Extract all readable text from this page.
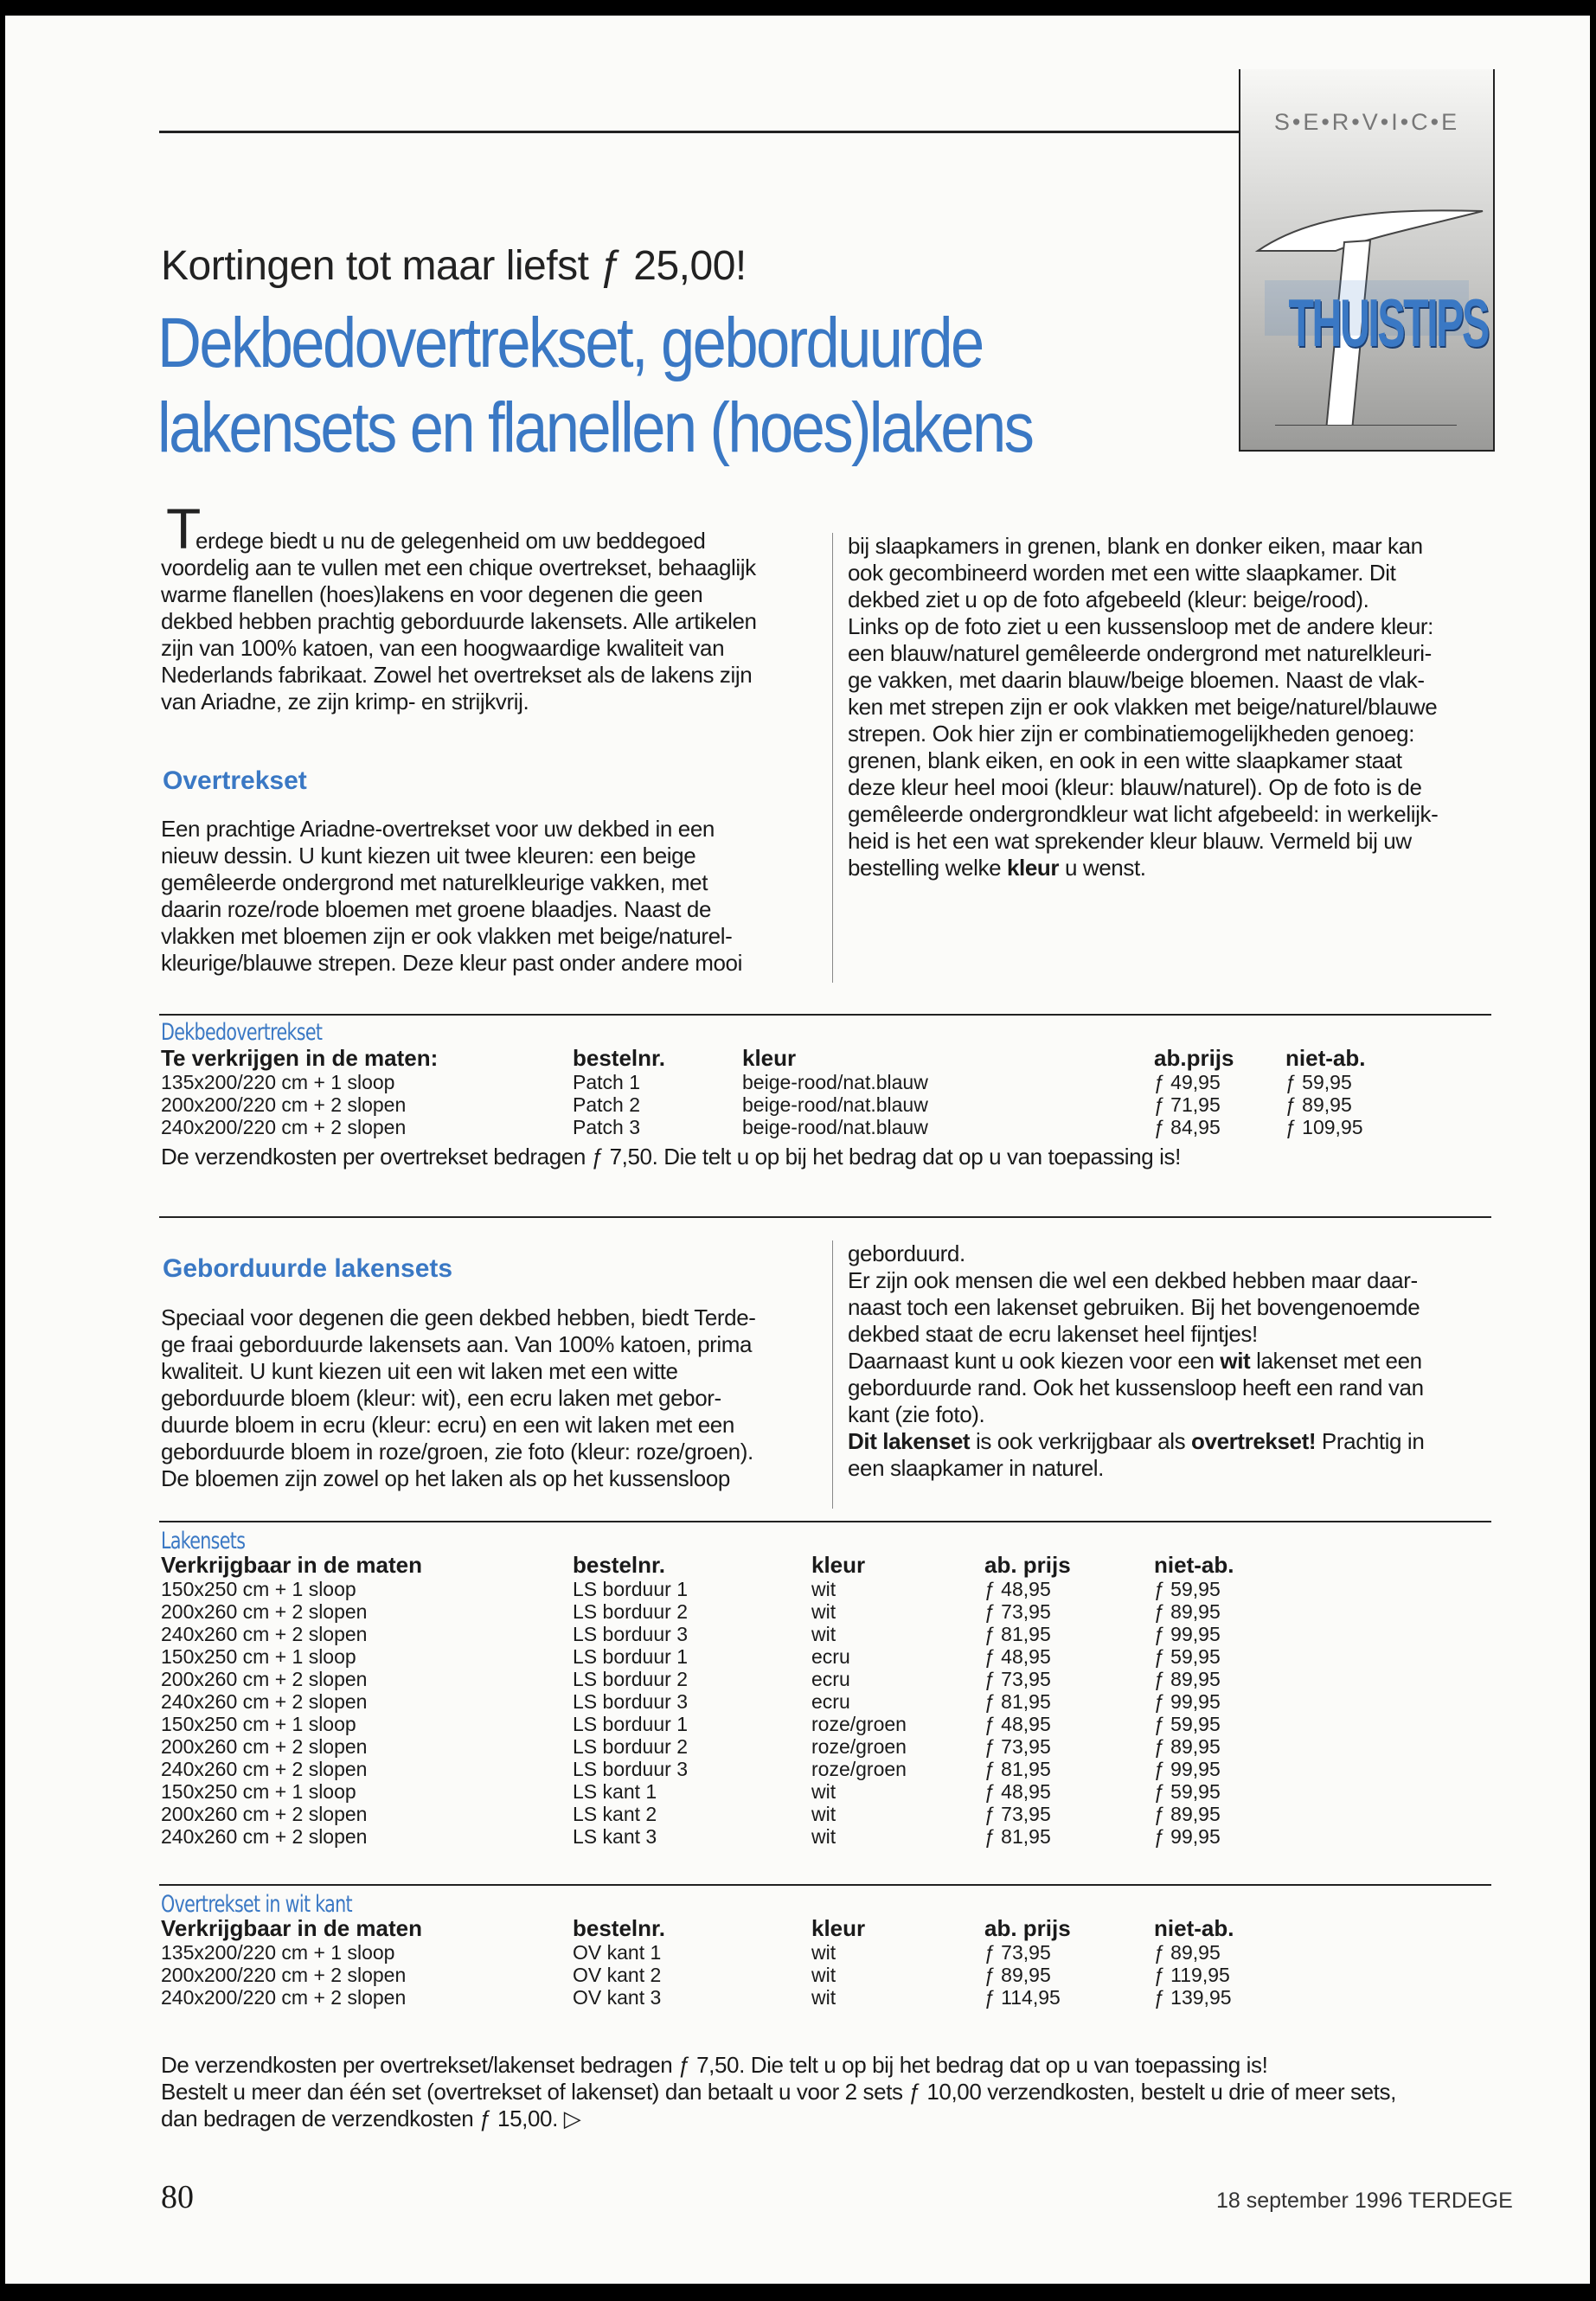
S•E•R•V•I•C•E
THUISTIPS
Kortingen tot maar liefst ƒ 25,00!
Dekbedovertrekset, geborduurde
lakensets en flanellen (hoes)lakens
T
erdege biedt u nu de gelegenheid om uw beddegoed
voordelig aan te vullen met een chique overtrekset, behaaglijk
warme flanellen (hoes)lakens en voor degenen die geen
dekbed hebben prachtig geborduurde lakensets. Alle artikelen
zijn van 100% katoen, van een hoogwaardige kwaliteit van
Nederlands fabrikaat. Zowel het overtrekset als de lakens zijn
van Ariadne, ze zijn krimp- en strijkvrij.
Overtrekset
Een prachtige Ariadne-overtrekset voor uw dekbed in een
nieuw dessin. U kunt kiezen uit twee kleuren: een beige
gemêleerde ondergrond met naturelkleurige vakken, met
daarin roze/rode bloemen met groene blaadjes. Naast de
vlakken met bloemen zijn er ook vlakken met beige/naturel-
kleurige/blauwe strepen. Deze kleur past onder andere mooi
bij slaapkamers in grenen, blank en donker eiken, maar kan
ook gecombineerd worden met een witte slaapkamer. Dit
dekbed ziet u op de foto afgebeeld (kleur: beige/rood).
Links op de foto ziet u een kussensloop met de andere kleur:
een blauw/naturel gemêleerde ondergrond met naturelkleuri-
ge vakken, met daarin blauw/beige bloemen. Naast de vlak-
ken met strepen zijn er ook vlakken met beige/naturel/blauwe
strepen. Ook hier zijn er combinatiemogelijkheden genoeg:
grenen, blank eiken, en ook in een witte slaapkamer staat
deze kleur heel mooi (kleur: blauw/naturel). Op de foto is de
gemêleerde ondergrondkleur wat licht afgebeeld: in werkelijk-
heid is het een wat sprekender kleur blauw. Vermeld bij uw
bestelling welke kleur u wenst.
Dekbedovertrekset
Te verkrijgen in de maten:	bestelnr.	kleur	ab.prijs niet-ab.
135x200/220 cm + 1 sloop	Patch 1	beige-rood/nat.blauw	ƒ 49,95	ƒ 59,95
200x200/220 cm + 2 slopen	Patch 2	beige-rood/nat.blauw	ƒ 71,95	ƒ 89,95
240x200/220 cm + 2 slopen	Patch 3	beige-rood/nat.blauw	ƒ 84,95	ƒ 109,95
De verzendkosten per overtrekset bedragen ƒ 7,50. Die telt u op bij het bedrag dat op u van toepassing is!
Geborduurde lakensets
Speciaal voor degenen die geen dekbed hebben, biedt Terde-
ge fraai geborduurde lakensets aan. Van 100% katoen, prima
kwaliteit. U kunt kiezen uit een wit laken met een witte
geborduurde bloem (kleur: wit), een ecru laken met gebor-
duurde bloem in ecru (kleur: ecru) en een wit laken met een
geborduurde bloem in roze/groen, zie foto (kleur: roze/groen).
De bloemen zijn zowel op het laken als op het kussensloop
geborduurd.
Er zijn ook mensen die wel een dekbed hebben maar daar-
naast toch een lakenset gebruiken. Bij het bovengenoemde
dekbed staat de ecru lakenset heel fijntjes!
Daarnaast kunt u ook kiezen voor een wit lakenset met een
geborduurde rand. Ook het kussensloop heeft een rand van
kant (zie foto).
Dit lakenset is ook verkrijgbaar als overtrekset! Prachtig in
een slaapkamer in naturel.
Lakensets
Verkrijgbaar in de maten	bestelnr.	kleur	ab. prijs	niet-ab.
150x250 cm + 1 sloop	LS borduur 1	wit	ƒ 48,95	ƒ 59,95
200x260 cm + 2 slopen	LS borduur 2	wit	ƒ 73,95	ƒ 89,95
240x260 cm + 2 slopen	LS borduur 3	wit	ƒ 81,95	ƒ 99,95
150x250 cm + 1 sloop	LS borduur 1	ecru	ƒ 48,95	ƒ 59,95
200x260 cm + 2 slopen	LS borduur 2	ecru	ƒ 73,95	ƒ 89,95
240x260 cm + 2 slopen	LS borduur 3	ecru	ƒ 81,95	ƒ 99,95
150x250 cm + 1 sloop	LS borduur 1	roze/groen	ƒ 48,95	ƒ 59,95
200x260 cm + 2 slopen	LS borduur 2	roze/groen	ƒ 73,95	ƒ 89,95
240x260 cm + 2 slopen	LS borduur 3	roze/groen	ƒ 81,95	ƒ 99,95
150x250 cm + 1 sloop	LS kant 1	wit	ƒ 48,95	ƒ 59,95
200x260 cm + 2 slopen	LS kant 2	wit	ƒ 73,95	ƒ 89,95
240x260 cm + 2 slopen	LS kant 3	wit	ƒ 81,95	ƒ 99,95
Overtrekset in wit kant
Verkrijgbaar in de maten	bestelnr.	kleur	ab. prijs	niet-ab.
135x200/220 cm + 1 sloop	OV kant 1	wit	ƒ 73,95	ƒ 89,95
200x200/220 cm + 2 slopen	OV kant 2	wit	ƒ 89,95	ƒ 119,95
240x200/220 cm + 2 slopen	OV kant 3	wit	ƒ 114,95	ƒ 139,95
De verzendkosten per overtrekset/lakenset bedragen ƒ 7,50. Die telt u op bij het bedrag dat op u van toepassing is!
Bestelt u meer dan één set (overtrekset of lakenset) dan betaalt u voor 2 sets ƒ 10,00 verzendkosten, bestelt u drie of meer sets,
dan bedragen de verzendkosten ƒ 15,00. ▷
80	18 september 1996 TERDEGE
